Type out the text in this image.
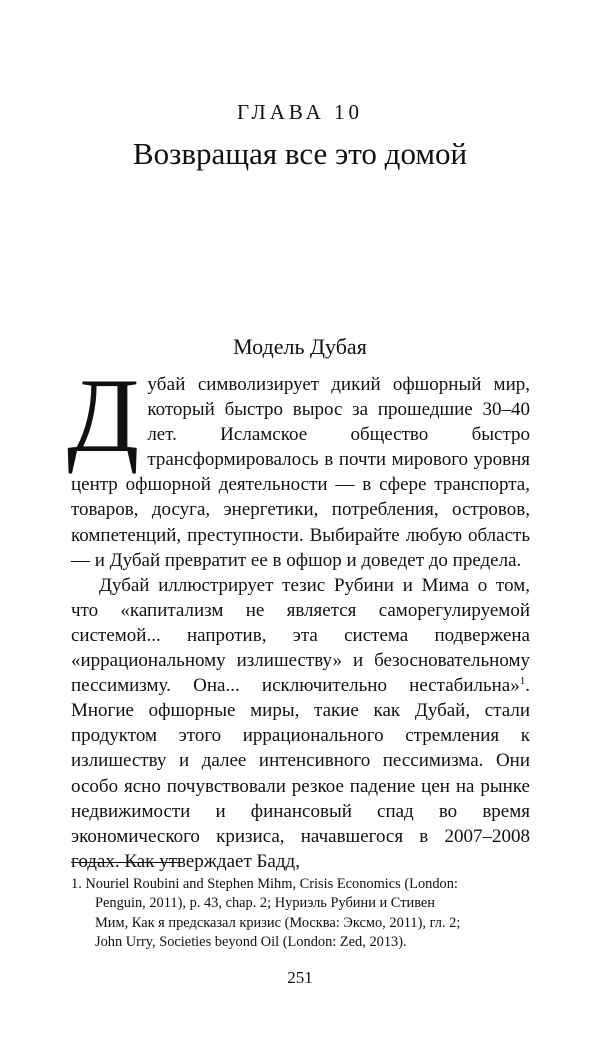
ГЛАВА 10
Возвращая все это домой
Модель Дубая

Дубай символизирует дикий офшорный мир, который быстро вырос за прошедшие 30–40 лет. Исламское общество быстро трансформировалось в почти мирового уровня центр офшорной деятельности — в сфере транспорта, товаров, досуга, энергетики, потребления, островов, компетенций, преступности. Выбирайте любую область — и Дубай превратит ее в офшор и доведет до предела.

Дубай иллюстрирует тезис Рубини и Мима о том, что «капитализм не является саморегулируемой системой... напротив, эта система подвержена «иррациональному излишеству» и безосновательному пессимизму. Она... исключительно нестабильна»$^1$. Многие офшорные миры, такие как Дубай, стали продуктом этого иррационального стремления к излишеству и далее интенсивного пессимизма. Они особо ясно почувствовали резкое падение цен на рынке недвижимости и финансовый спад во время экономического кризиса, начавшегося в 2007–2008 годах. Как утверждает Бадд,

1. Nouriel Roubini and Stephen Mihm, Crisis Economics (London:
Penguin, 2011), p. 43, chap. 2; Нуриэль Рубини и Стивен
Мим, Как я предсказал кризис (Москва: Эксмо, 2011), гл. 2;
John Urry, Societies beyond Oil (London: Zed, 2013).
251
